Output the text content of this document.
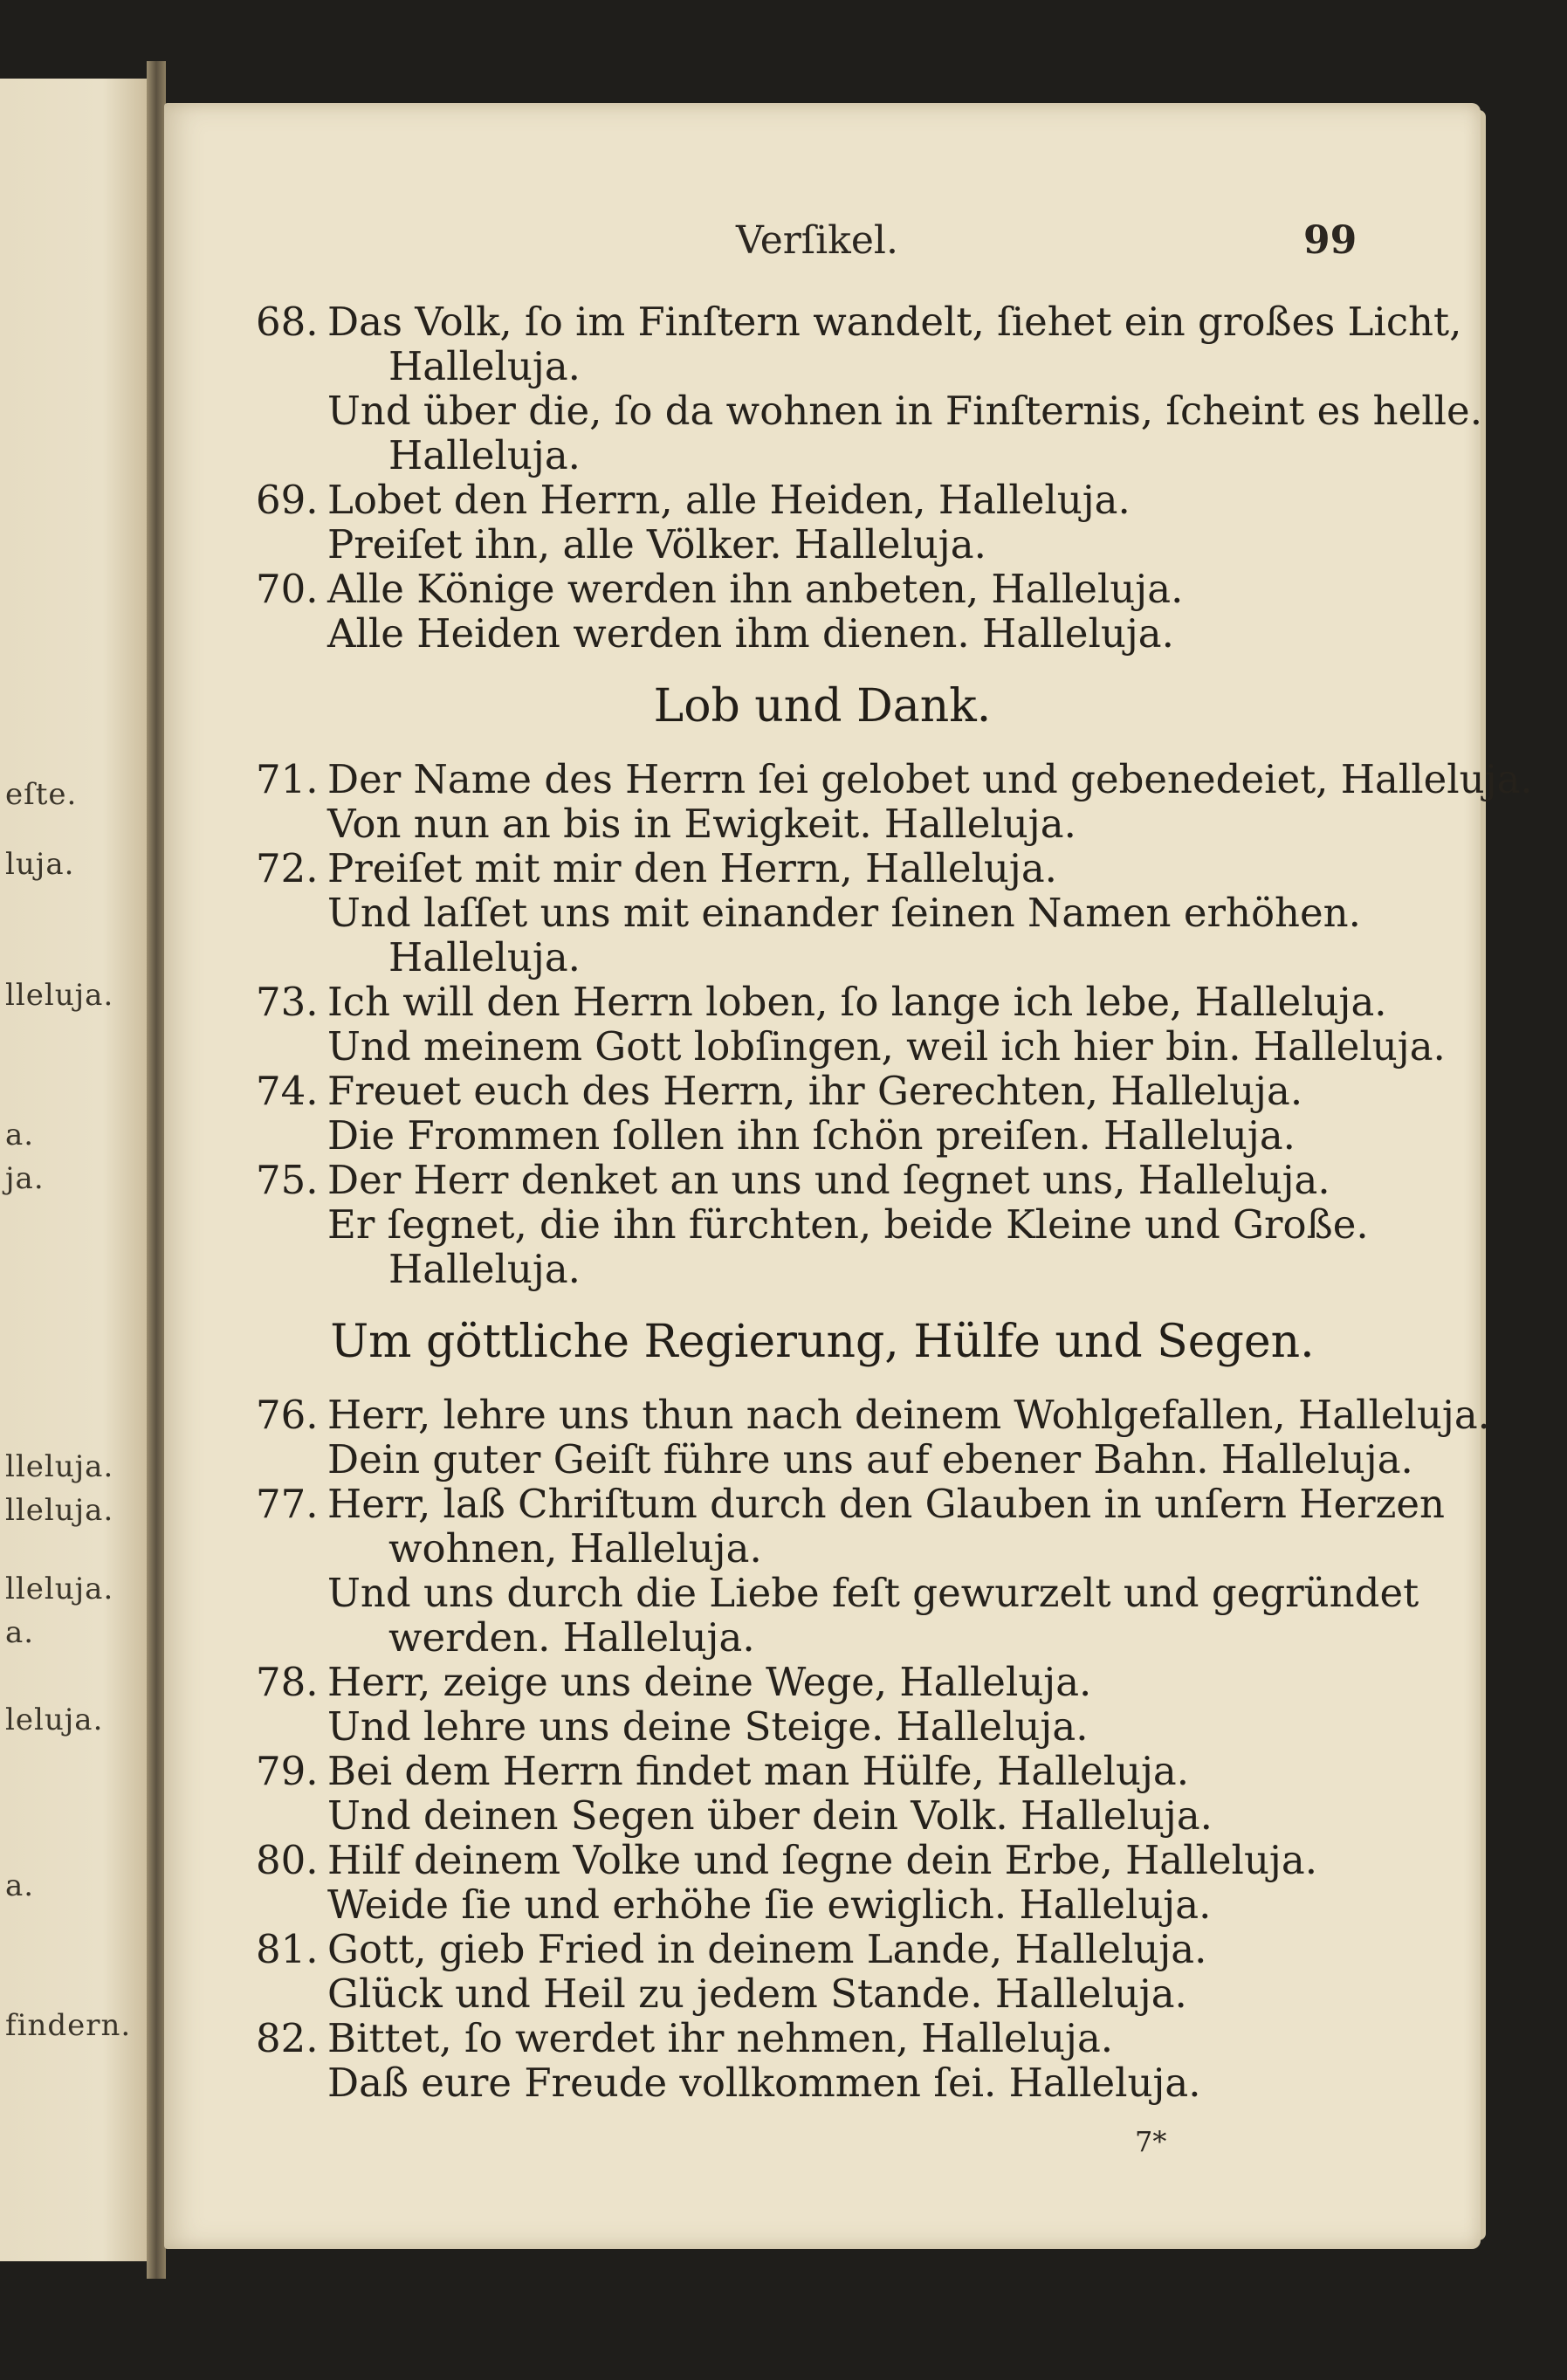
eſte.
luja.
lleluja.
a.
ja.
lleluja.
lleluja.
lleluja.
a.
leluja.
a.
findern.
Verſikel.	99
68. Das Volk, ſo im Finſtern wandelt, ſiehet ein großes Licht,
Halleluja.
Und über die, ſo da wohnen in Finſternis, ſcheint es helle.
Halleluja.
69. Lobet den Herrn, alle Heiden, Halleluja.
Preiſet ihn, alle Völker. Halleluja.
70. Alle Könige werden ihn anbeten, Halleluja.
Alle Heiden werden ihm dienen. Halleluja.
Lob und Dank.
71. Der Name des Herrn ſei gelobet und gebenedeiet, Halleluja.
Von nun an bis in Ewigkeit. Halleluja.
72. Preiſet mit mir den Herrn, Halleluja.
Und laſſet uns mit einander ſeinen Namen erhöhen.
Halleluja.
73. Ich will den Herrn loben, ſo lange ich lebe, Halleluja.
Und meinem Gott lobſingen, weil ich hier bin. Halleluja.
74. Freuet euch des Herrn, ihr Gerechten, Halleluja.
Die Frommen ſollen ihn ſchön preiſen. Halleluja.
75. Der Herr denket an uns und ſegnet uns, Halleluja.
Er ſegnet, die ihn fürchten, beide Kleine und Große.
Halleluja.
Um göttliche Regierung, Hülfe und Segen.
76. Herr, lehre uns thun nach deinem Wohlgefallen, Halleluja.
Dein guter Geiſt führe uns auf ebener Bahn. Halleluja.
77. Herr, laß Chriſtum durch den Glauben in unſern Herzen
wohnen, Halleluja.
Und uns durch die Liebe feſt gewurzelt und gegründet
werden. Halleluja.
78. Herr, zeige uns deine Wege, Halleluja.
Und lehre uns deine Steige. Halleluja.
79. Bei dem Herrn findet man Hülfe, Halleluja.
Und deinen Segen über dein Volk. Halleluja.
80. Hilf deinem Volke und ſegne dein Erbe, Halleluja.
Weide ſie und erhöhe ſie ewiglich. Halleluja.
81. Gott, gieb Fried in deinem Lande, Halleluja.
Glück und Heil zu jedem Stande. Halleluja.
82. Bittet, ſo werdet ihr nehmen, Halleluja.
Daß eure Freude vollkommen ſei. Halleluja.
7*
